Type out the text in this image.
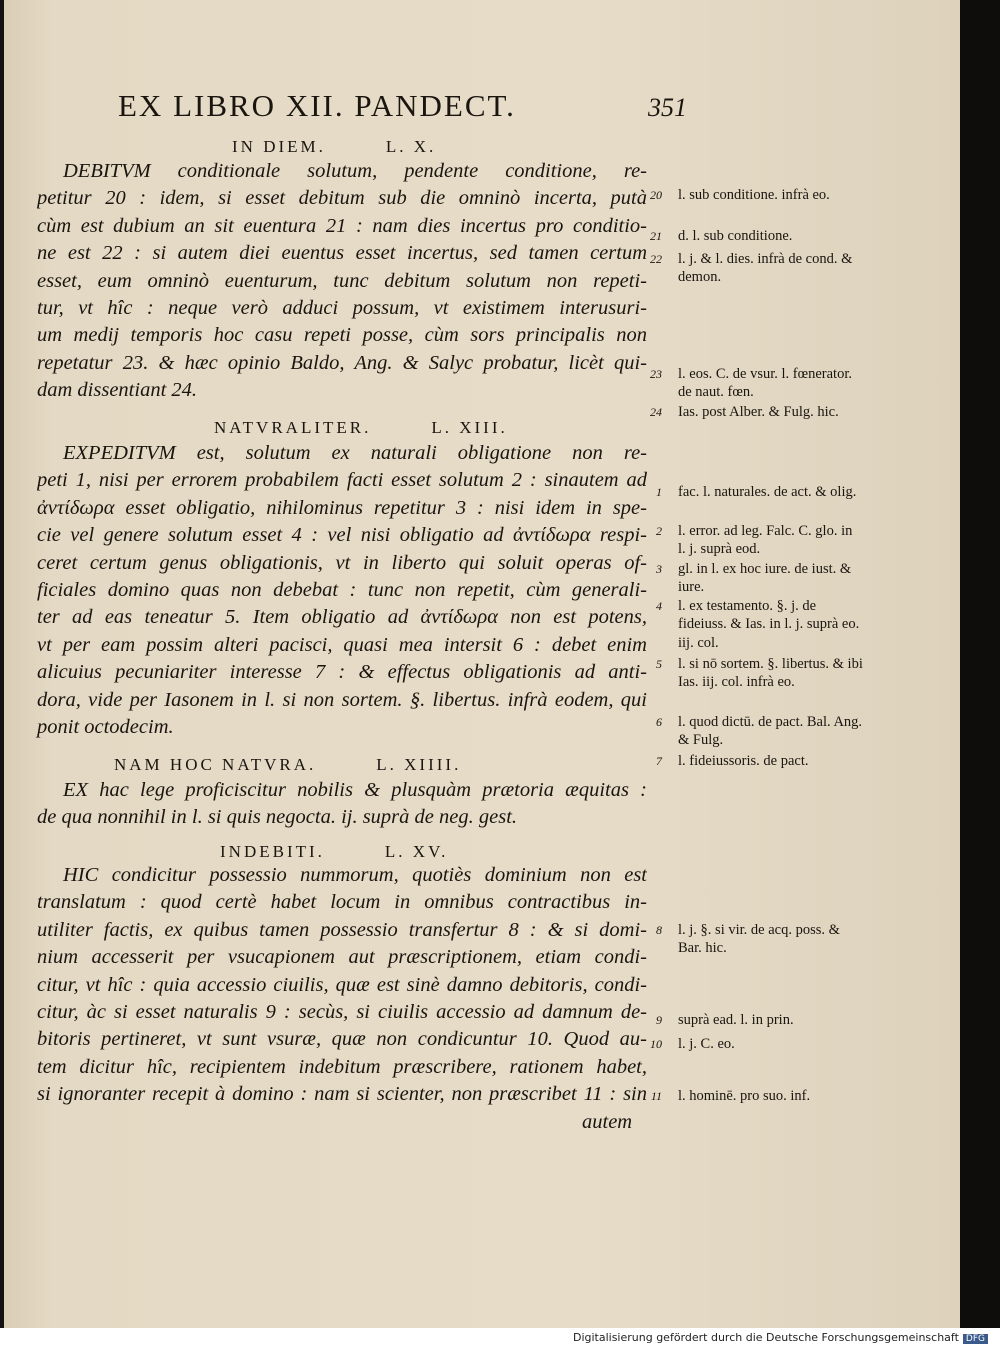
EX LIBRO XII. PANDECT.	351
IN DIEM.	L. X.
NATVRALITER.	L. XIII.
NAM HOC NATVRA.	L. XIIII.
INDEBITI.	L. XV.
DEBITVM conditionale solutum, pendente conditione, re-
petitur 20 : idem, si esset debitum sub die omninò incerta, putà
cùm est dubium an sit euentura 21 : nam dies incertus pro conditio-
ne est 22 : si autem diei euentus esset incertus, sed tamen certum
esset, eum omninò euenturum, tunc debitum solutum non repeti-
tur, vt hîc : neque verò adduci possum, vt existimem interusuri-
um medij temporis hoc casu repeti posse, cùm sors principalis non
repetatur 23. & hæc opinio Baldo, Ang. & Salyc probatur, licèt qui-
dam dissentiant 24.
EXPEDITVM est, solutum ex naturali obligatione non re-
peti 1, nisi per errorem probabilem facti esset solutum 2 : sinautem ad
ἀντίδωρα esset obligatio, nihilominus repetitur 3 : nisi idem in spe-
cie vel genere solutum esset 4 : vel nisi obligatio ad ἀντίδωρα respi-
ceret certum genus obligationis, vt in liberto qui soluit operas of-
ficiales domino quas non debebat : tunc non repetit, cùm generali-
ter ad eas teneatur 5. Item obligatio ad ἀντίδωρα non est potens,
vt per eam possim alteri pacisci, quasi mea intersit 6 : debet enim
alicuius pecuniariter interesse 7 : & effectus obligationis ad anti-
dora, vide per Iasonem in l. si non sortem. §. libertus. infrà eodem, qui
ponit octodecim.
EX hac lege proficiscitur nobilis & plusquàm prætoria æquitas :
de qua nonnihil in l. si quis negocta. ij. suprà de neg. gest.
HIC condicitur possessio nummorum, quotiès dominium non est
translatum : quod certè habet locum in omnibus contractibus in-
utiliter factis, ex quibus tamen possessio transfertur 8 : & si domi-
nium accesserit per vsucapionem aut præscriptionem, etiam condi-
citur, vt hîc : quia accessio ciuilis, quæ est sinè damno debitoris, condi-
citur, àc si esset naturalis 9 : secùs, si ciuilis accessio ad damnum de-
bitoris pertineret, vt sunt vsuræ, quæ non condicuntur 10. Quod au-
tem dicitur hîc, recipientem indebitum præscribere, rationem habet,
si ignoranter recepit à domino : nam si scienter, non præscribet 11 : sin
autem
20 l. sub conditione. infrà eo.
21 d. l. sub conditione.
22 l. j. & l. dies. infrà de cond. & demon.
23 l. eos. C. de vsur. l. fœnerator. de naut. fœn.
24 Ias. post Alber. & Fulg. hic.
1 fac. l. naturales. de act. & olig.
2 l. error. ad leg. Falc. C. glo. in l. j. suprà eod.
3 gl. in l. ex hoc iure. de iust. & iure.
4 l. ex testamento. §. j. de fideiuss. & Ias. in l. j. suprà eo. iij. col.
5 l. si nō sortem. §. libertus. & ibi Ias. iij. col. infrà eo.
6 l. quod dictū. de pact. Bal. Ang. & Fulg.
7 l. fideiussoris. de pact.
8 l. j. §. si vir. de acq. poss. & Bar. hic.
9 suprà ead. l. in prin.
10 l. j. C. eo.
11 l. hominē. pro suo. inf.
Digitalisierung gefördert durch die Deutsche Forschungsgemeinschaft DFG
